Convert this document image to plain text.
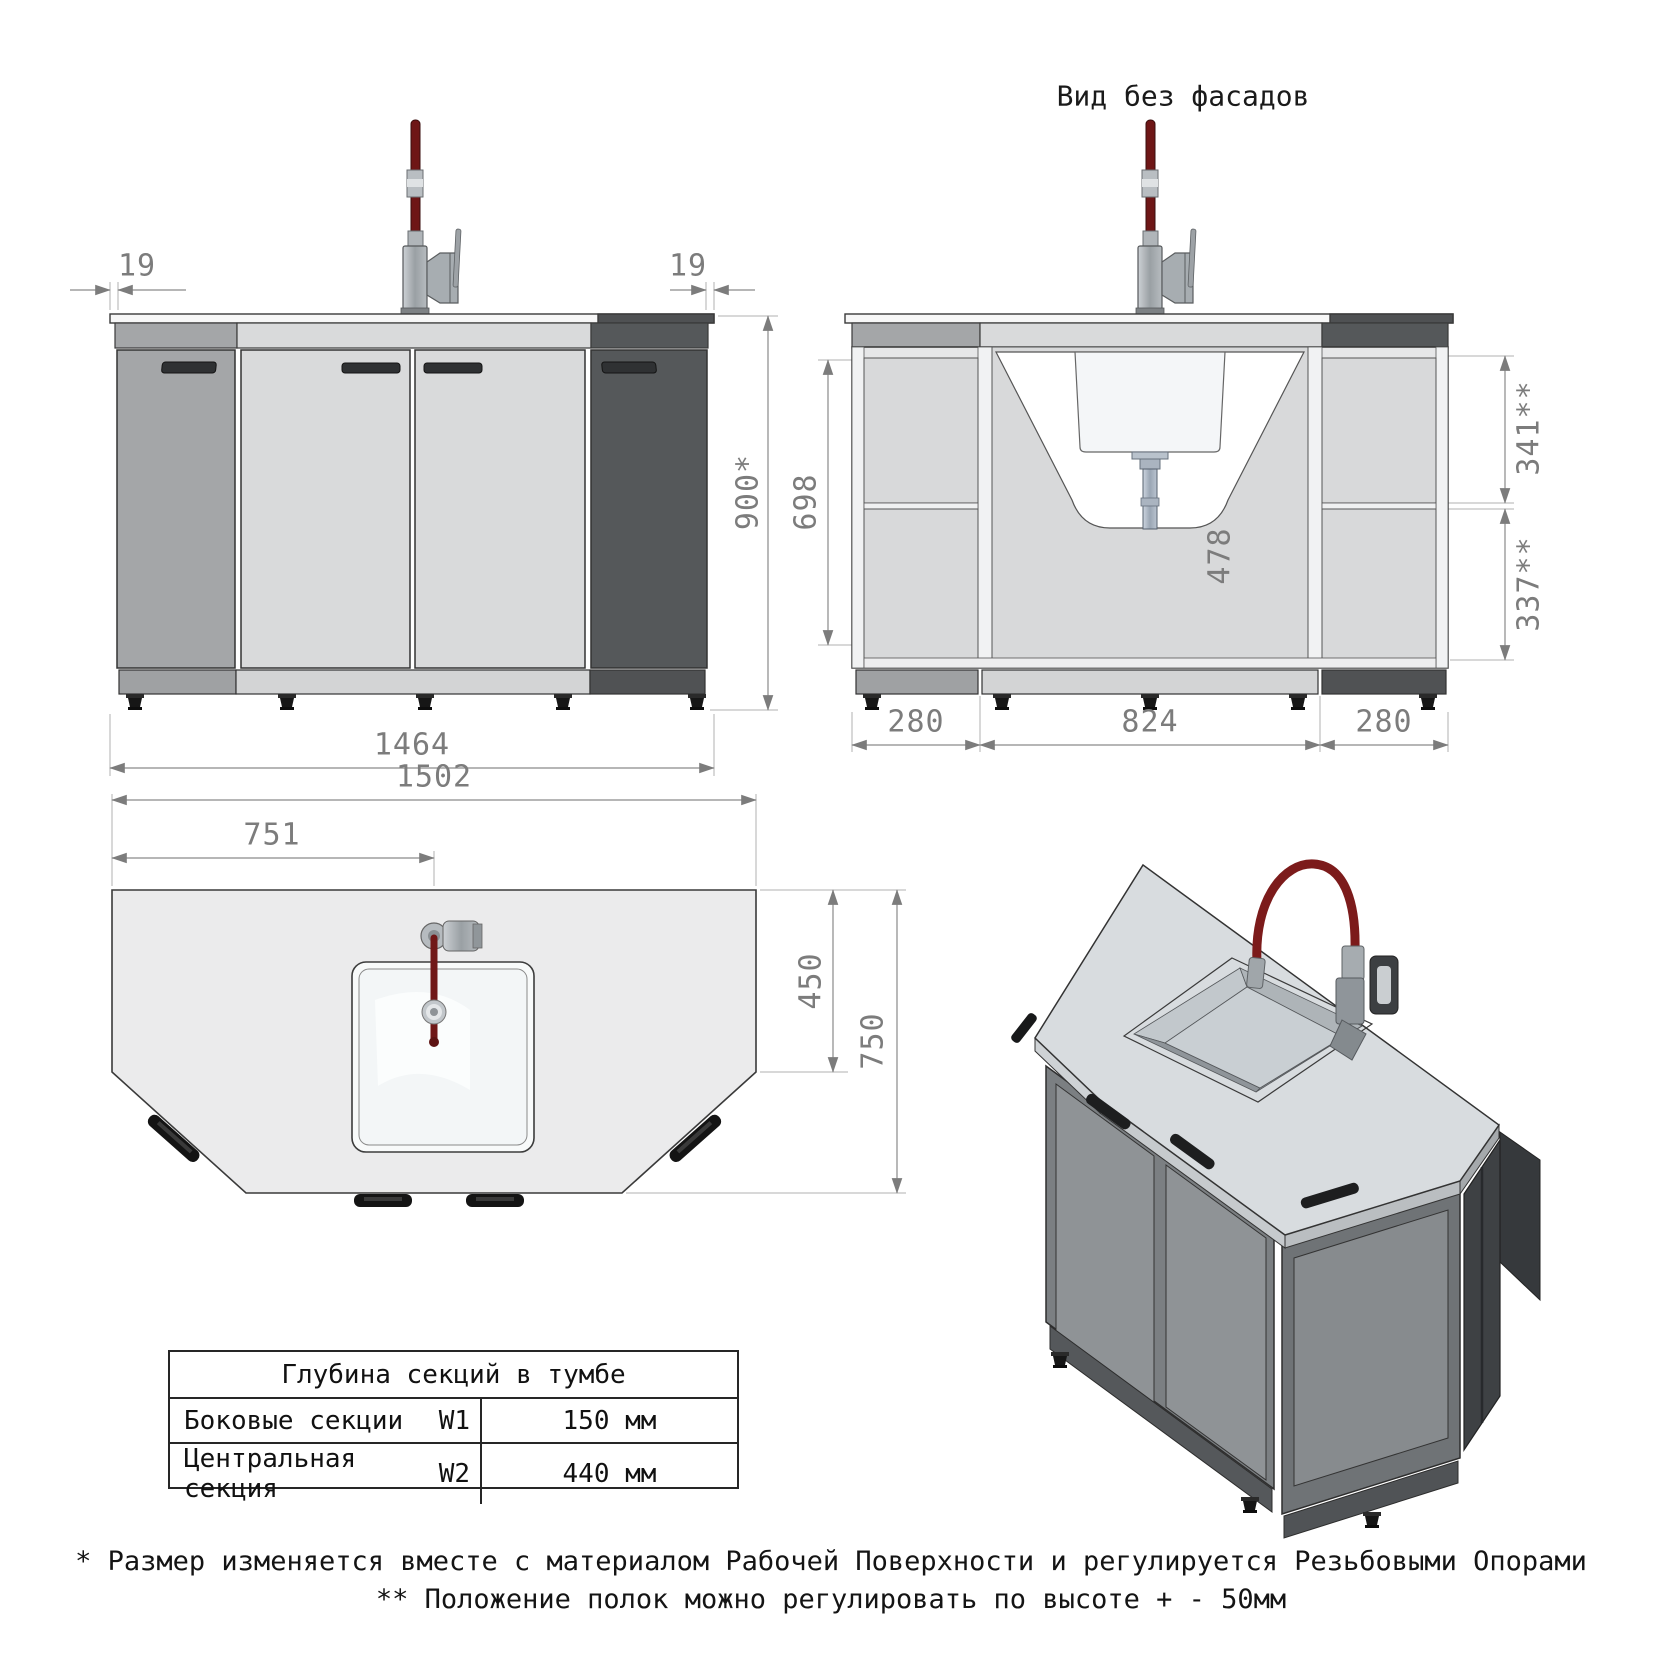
Вид без фасадов
19	19
900*
1464
698
478
341**
337**
280	824	280
1502
751
450
750
Глубина секций в тумбе
Боковые секции W1	150 мм
Центральная секция	W2	440 мм
* Размер изменяется вместе с материалом Рабочей Поверхности и регулируется Резьбовыми Опорами
** Положение полок можно регулировать по высоте + - 50мм
